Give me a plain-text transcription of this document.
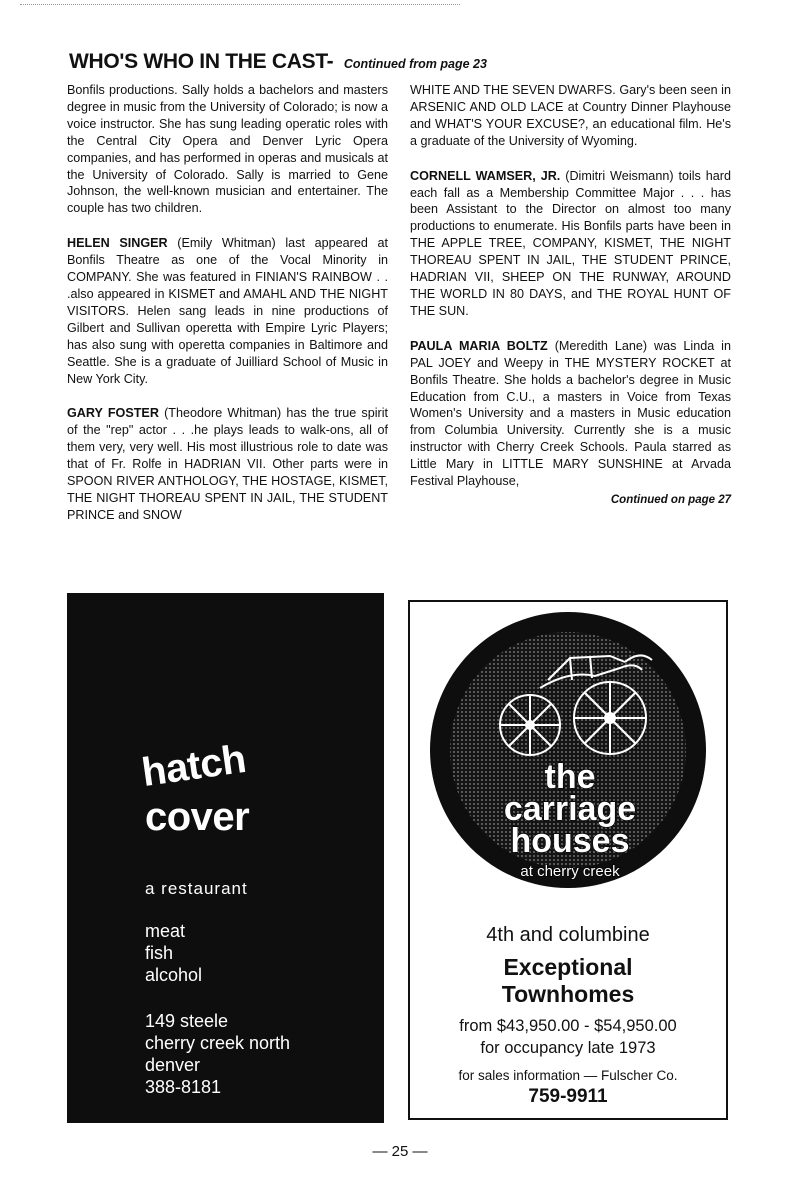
WHO'S WHO IN THE CAST- Continued from page 23

Bonfils productions. Sally holds a bachelors and masters degree in music from the University of Colorado; is now a voice instructor. She has sung leading operatic roles with the Central City Opera and Denver Lyric Opera companies, and has performed in operas and musicals at the University of Colorado. Sally is married to Gene Johnson, the well-known musician and entertainer. The couple has two children.

HELEN SINGER (Emily Whitman) last appeared at Bonfils Theatre as one of the Vocal Minority in COMPANY. She was featured in FINIAN'S RAINBOW . . .also appeared in KISMET and AMAHL AND THE NIGHT VISITORS. Helen sang leads in nine productions of Gilbert and Sullivan operetta with Empire Lyric Players; has also sung with operetta companies in Baltimore and Seattle. She is a graduate of Juilliard School of Music in New York City.

GARY FOSTER (Theodore Whitman) has the true spirit of the "rep" actor . . .he plays leads to walk-ons, all of them very, very well. His most illustrious role to date was that of Fr. Rolfe in HADRIAN VII. Other parts were in SPOON RIVER ANTHOLOGY, THE HOSTAGE, KISMET, THE NIGHT THOREAU SPENT IN JAIL, THE STUDENT PRINCE and SNOW

WHITE AND THE SEVEN DWARFS. Gary's been seen in ARSENIC AND OLD LACE at Country Dinner Playhouse and WHAT'S YOUR EXCUSE?, an educational film. He's a graduate of the University of Wyoming.

CORNELL WAMSER, JR. (Dimitri Weismann) toils hard each fall as a Membership Committee Major . . . has been Assistant to the Director on almost too many productions to enumerate. His Bonfils parts have been in THE APPLE TREE, COMPANY, KISMET, THE NIGHT THOREAU SPENT IN JAIL, THE STUDENT PRINCE, HADRIAN VII, SHEEP ON THE RUNWAY, AROUND THE WORLD IN 80 DAYS, and THE ROYAL HUNT OF THE SUN.

PAULA MARIA BOLTZ (Meredith Lane) was Linda in PAL JOEY and Weepy in THE MYSTERY ROCKET at Bonfils Theatre. She holds a bachelor's degree in Music Education from C.U., a masters in Voice from Texas Women's University and a masters in Music education from Columbia University. Currently she is a music instructor with Cherry Creek Schools. Paula starred as Little Mary in LITTLE MARY SUNSHINE at Arvada Festival Playhouse,

Continued on page 27
hatch
cover
a restaurant
meat
fish
alcohol
149 steele
cherry creek north
denver
388-8181
the
carriage
houses
at cherry creek
4th and columbine
Exceptional
Townhomes
from $43,950.00 - $54,950.00
for occupancy late 1973
for sales information — Fulscher Co.
759-9911
— 25 —
